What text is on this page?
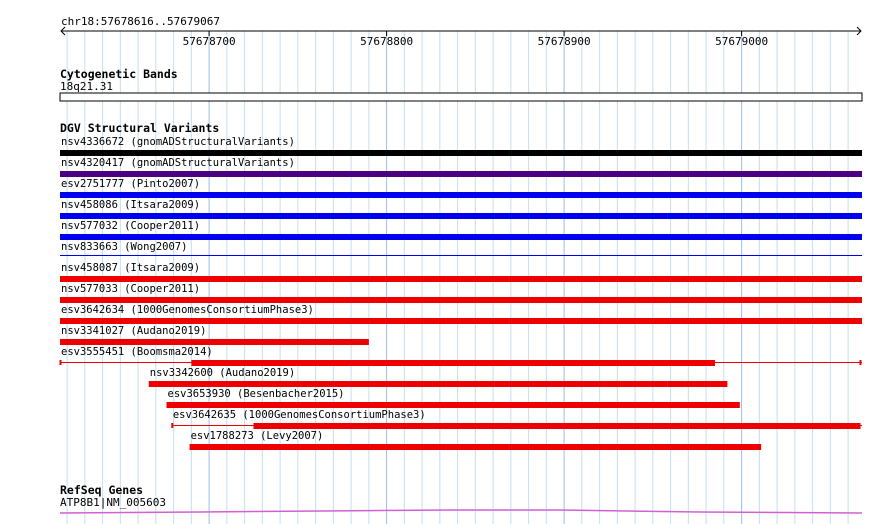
chr18:57678616..57679067
57678700	57678800	57678900	57679000
Cytogenetic Bands
18q21.31
DGV Structural Variants
nsv4336672 (gnomADStructuralVariants)
nsv4320417 (gnomADStructuralVariants)
esv2751777 (Pinto2007)
nsv458086 (Itsara2009)
nsv577032 (Cooper2011)
nsv833663 (Wong2007)
nsv458087 (Itsara2009)
nsv577033 (Cooper2011)
esv3642634 (1000GenomesConsortiumPhase3)
nsv3341027 (Audano2019)
esv3555451 (Boomsma2014)
nsv3342600 (Audano2019)
esv3653930 (Besenbacher2015)
esv3642635 (1000GenomesConsortiumPhase3)
esv1788273 (Levy2007)
RefSeq Genes
ATP8B1|NM_005603
